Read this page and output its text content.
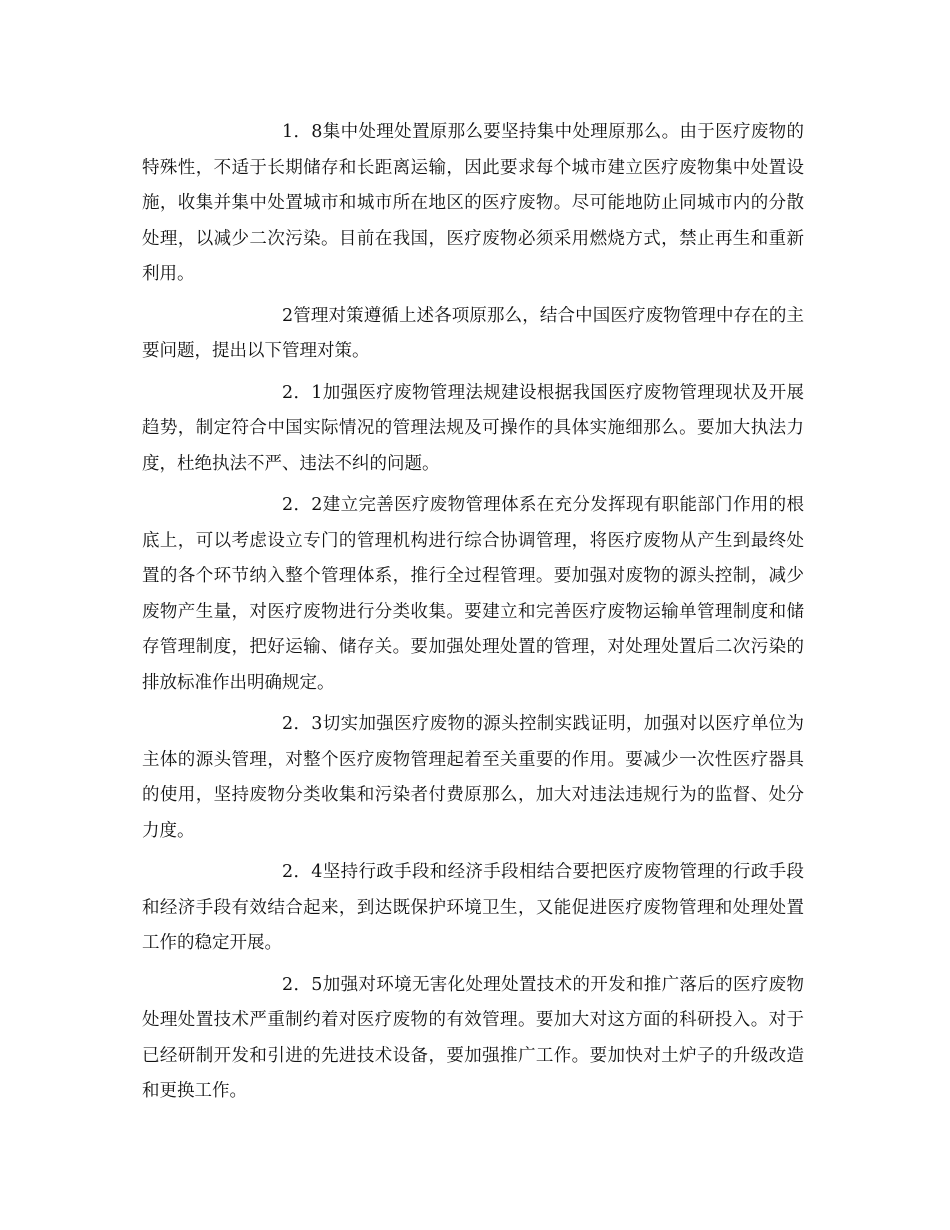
1．8集中处理处置原那么要坚持集中处理原那么。由于医疗废物的特殊性，不适于长期储存和长距离运输，因此要求每个城市建立医疗废物集中处置设施，收集并集中处置城市和城市所在地区的医疗废物。尽可能地防止同城市内的分散处理，以减少二次污染。目前在我国，医疗废物必须采用燃烧方式，禁止再生和重新利用。

2管理对策遵循上述各项原那么，结合中国医疗废物管理中存在的主要问题，提出以下管理对策。

2．1加强医疗废物管理法规建设根据我国医疗废物管理现状及开展趋势，制定符合中国实际情况的管理法规及可操作的具体实施细那么。要加大执法力度，杜绝执法不严、违法不纠的问题。

2．2建立完善医疗废物管理体系在充分发挥现有职能部门作用的根底上，可以考虑设立专门的管理机构进行综合协调管理，将医疗废物从产生到最终处置的各个环节纳入整个管理体系，推行全过程管理。要加强对废物的源头控制，减少废物产生量，对医疗废物进行分类收集。要建立和完善医疗废物运输单管理制度和储存管理制度，把好运输、储存关。要加强处理处置的管理，对处理处置后二次污染的排放标准作出明确规定。

2．3切实加强医疗废物的源头控制实践证明，加强对以医疗单位为主体的源头管理，对整个医疗废物管理起着至关重要的作用。要减少一次性医疗器具的使用，坚持废物分类收集和污染者付费原那么，加大对违法违规行为的监督、处分力度。

2．4坚持行政手段和经济手段相结合要把医疗废物管理的行政手段和经济手段有效结合起来，到达既保护环境卫生，又能促进医疗废物管理和处理处置工作的稳定开展。

2．5加强对环境无害化处理处置技术的开发和推广落后的医疗废物处理处置技术严重制约着对医疗废物的有效管理。要加大对这方面的科研投入。对于已经研制开发和引进的先进技术设备，要加强推广工作。要加快对土炉子的升级改造和更换工作。
